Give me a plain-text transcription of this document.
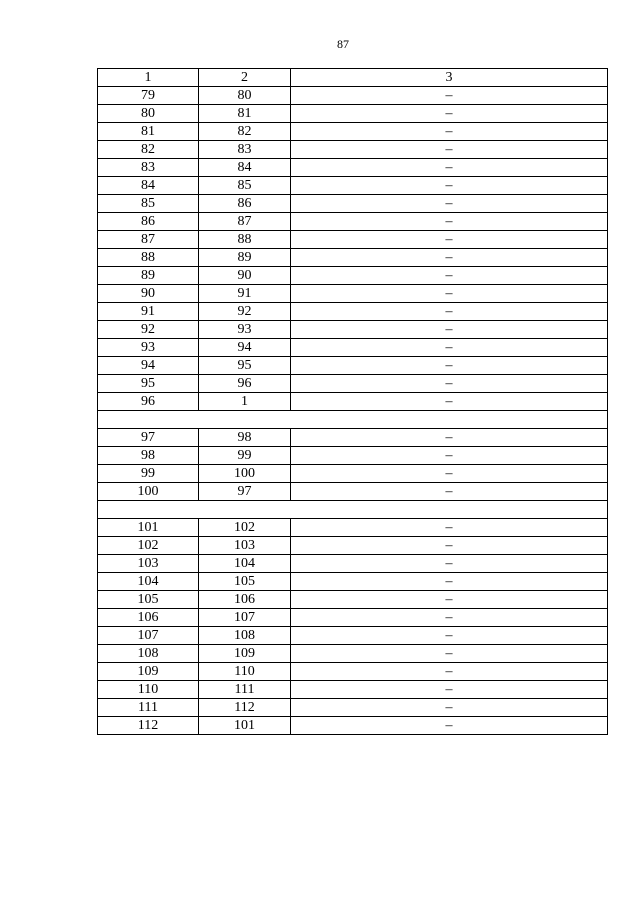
87
1	2	3
79	80	–
80	81	–
81	82	–
82	83	–
83	84	–
84	85	–
85	86	–
86	87	–
87	88	–
88	89	–
89	90	–
90	91	–
91	92	–
92	93	–
93	94	–
94	95	–
95	96	–
96	1	–

97	98	–
98	99	–
99	100	–
100	97	–

101	102	–
102	103	–
103	104	–
104	105	–
105	106	–
106	107	–
107	108	–
108	109	–
109	110	–
110	111	–
111	112	–
112	101	–
